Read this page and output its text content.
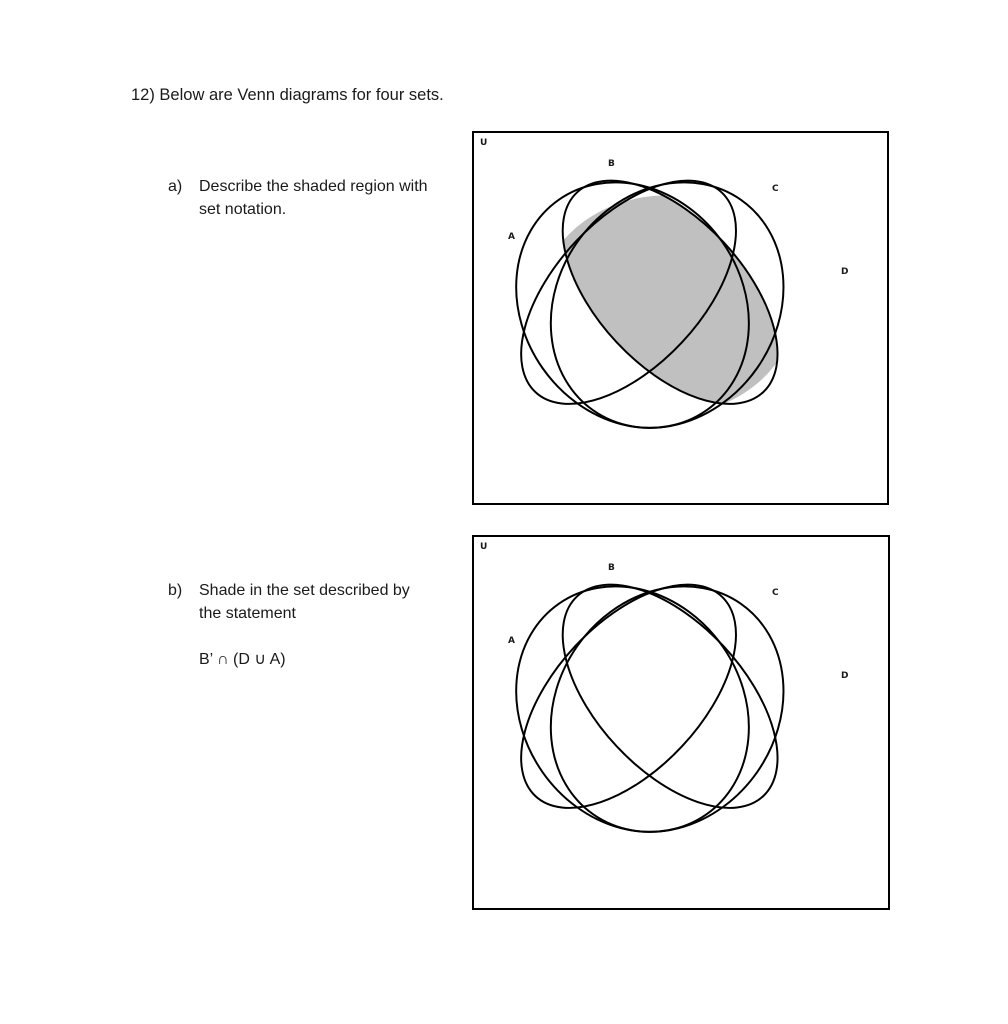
12) Below are Venn diagrams for four sets.
a) Describe the shaded region with
set notation.
b) Shade in the set described by
the statement
B’ ∩ (D ∪ A)
U
B
C
A
D
U
B
C
A
D
